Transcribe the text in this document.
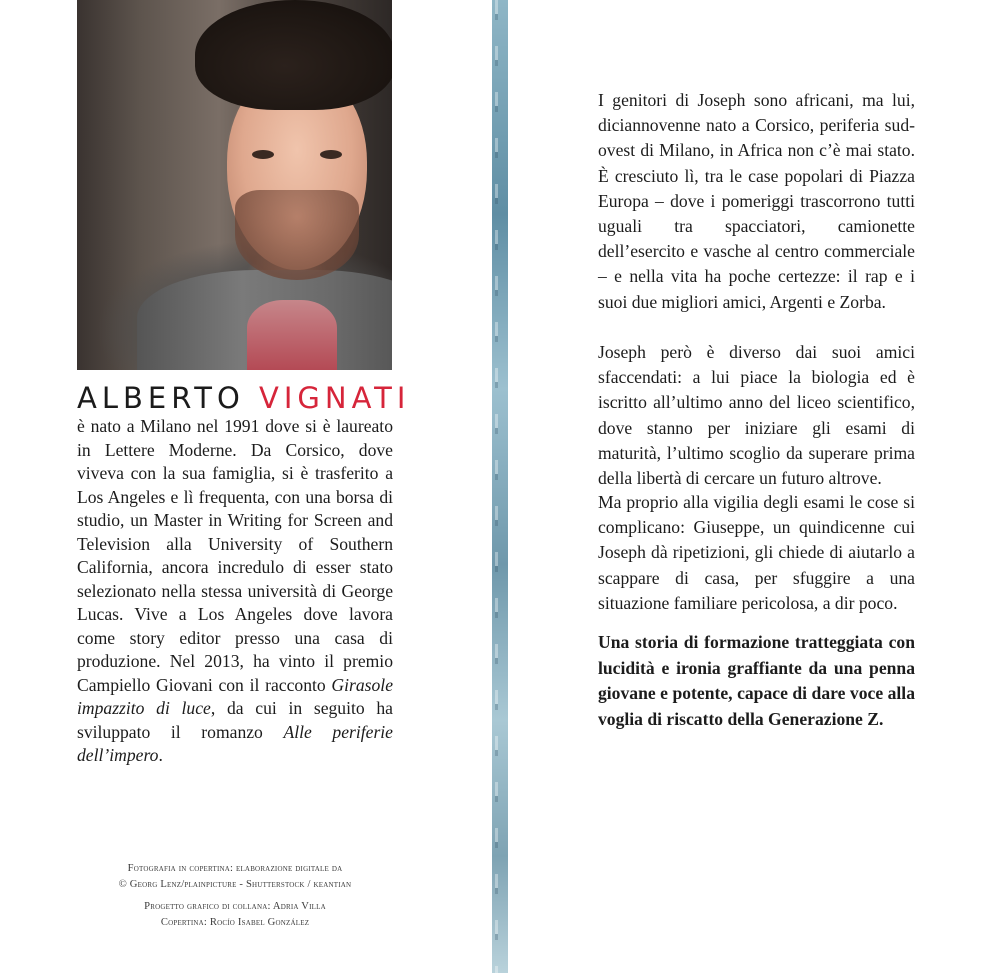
ALBERTO VIGNATI

è nato a Milano nel 1991 dove si è laureato in Lettere Moderne. Da Corsico, dove viveva con la sua famiglia, si è trasferito a Los Angeles e lì frequenta, con una borsa di studio, un Master in Writing for Screen and Television alla University of Southern California, ancora incredulo di esser stato selezionato nella stessa università di George Lucas. Vive a Los Angeles dove lavora come story editor presso una casa di produzione. Nel 2013, ha vinto il premio Campiello Giovani con il racconto Girasole impazzito di luce, da cui in seguito ha sviluppato il romanzo Alle periferie dell’impero.

Fotografia in copertina: elaborazione digitale da
© Georg Lenz/plainpicture - Shutterstock / keantian

Progetto grafico di collana: Adria Villa
Copertina: Rocío Isabel González

I genitori di Joseph sono africani, ma lui, diciannovenne nato a Corsico, periferia sud-ovest di Milano, in Africa non c’è mai stato. È cresciuto lì, tra le case popolari di Piazza Europa – dove i pomeriggi trascorrono tutti uguali tra spacciatori, camionette dell’esercito e vasche al centro commerciale – e nella vita ha poche certezze: il rap e i suoi due migliori amici, Argenti e Zorba.

Joseph però è diverso dai suoi amici sfaccendati: a lui piace la biologia ed è iscritto all’ultimo anno del liceo scientifico, dove stanno per iniziare gli esami di maturità, l’ultimo scoglio da superare prima della libertà di cercare un futuro altrove.

Ma proprio alla vigilia degli esami le cose si complicano: Giuseppe, un quindicenne cui Joseph dà ripetizioni, gli chiede di aiutarlo a scappare di casa, per sfuggire a una situazione familiare pericolosa, a dir poco.

Una storia di formazione tratteggiata con lucidità e ironia graffiante da una penna giovane e potente, capace di dare voce alla voglia di riscatto della Generazione Z.
